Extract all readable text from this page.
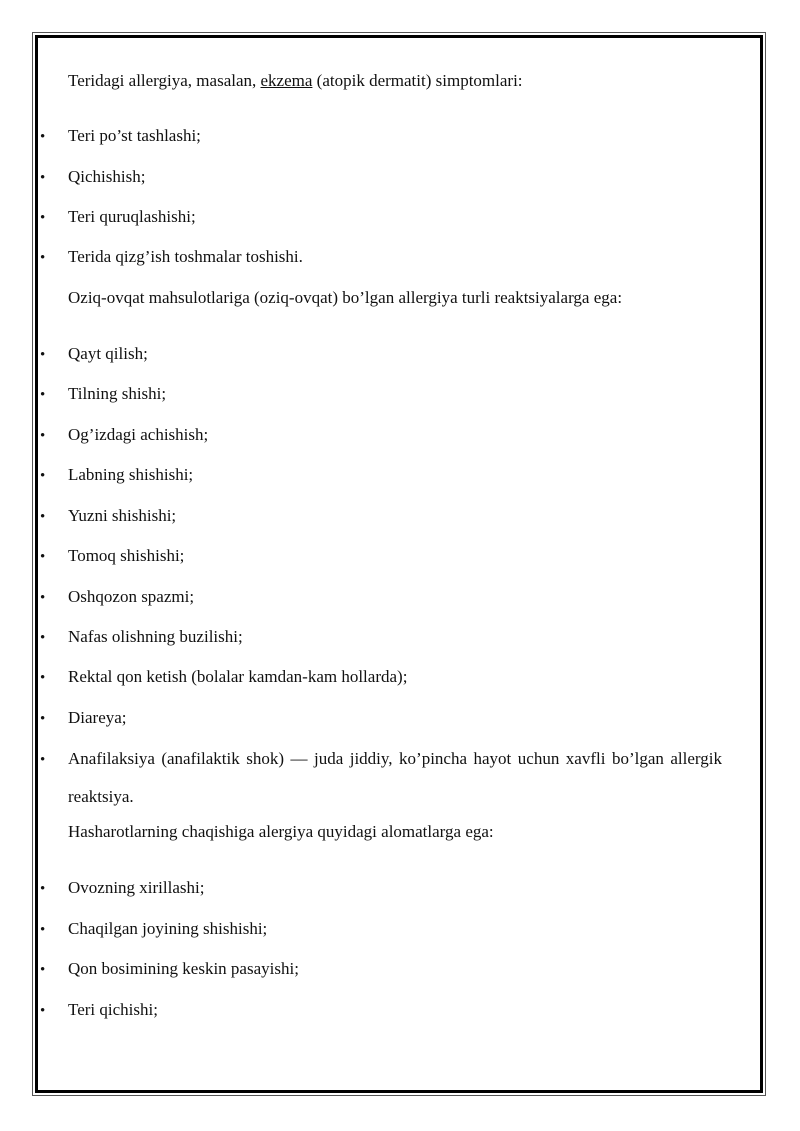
Teridagi allergiya, masalan, ekzema (atopik dermatit) simptomlari:
• Teri po’st tashlashi;
• Qichishish;
• Teri quruqlashishi;
• Terida qizg’ish toshmalar toshishi.
Oziq-ovqat mahsulotlariga (oziq-ovqat) bo’lgan allergiya turli reaktsiyalarga ega:
• Qayt qilish;
• Tilning shishi;
• Og’izdagi achishish;
• Labning shishishi;
• Yuzni shishishi;
• Tomoq shishishi;
• Oshqozon spazmi;
• Nafas olishning buzilishi;
• Rektal qon ketish (bolalar kamdan-kam hollarda);
• Diareya;
• Anafilaksiya (anafilaktik shok) — juda jiddiy, ko’pincha hayot uchun xavfli bo’lgan allergik reaktsiya.
Hasharotlarning chaqishiga alergiya quyidagi alomatlarga ega:
• Ovozning xirillashi;
• Chaqilgan joyining shishishi;
• Qon bosimining keskin pasayishi;
• Teri qichishi;
